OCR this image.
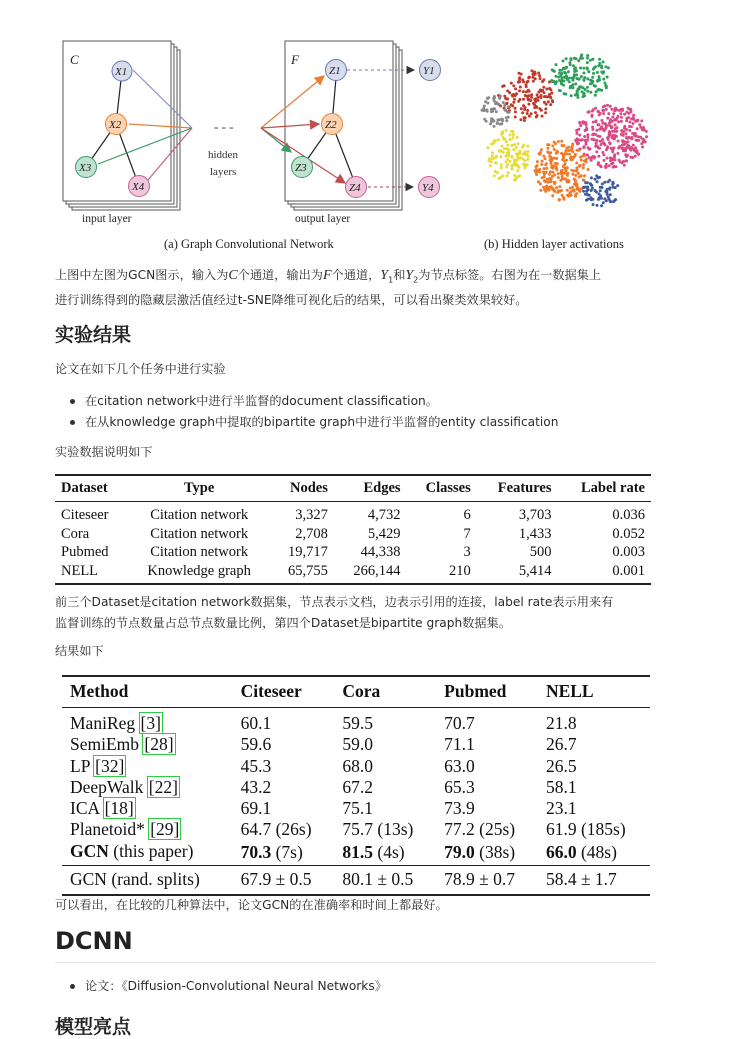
C	F
- - -
hidden
layers
X1
X2
X3
X4
Z1
Z2
Z3
Z4
Y1
Y4
input layer	output layer
(a) Graph Convolutional Network	(b) Hidden layer activations
上图中左图为GCN图示，输入为C个通道，输出为F个通道，$Y_1$和$Y_2$为节点标签。右图为在一数据集上
进行训练得到的隐藏层激活值经过t-SNE降维可视化后的结果，可以看出聚类效果较好。
实验结果
论文在如下几个任务中进行实验
在citation network中进行半监督的document classification。
在从knowledge graph中提取的bipartite graph中进行半监督的entity classification
实验数据说明如下
Dataset	Type	Nodes	Edges	Classes	Features	Label rate
Citeseer	Citation network	3,327	4,732	6	3,703	0.036
Cora	Citation network	2,708	5,429	7	1,433	0.052
Pubmed	Citation network	19,717	44,338	3	500	0.003
NELL	Knowledge graph	65,755	266,144	210	5,414	0.001
前三个Dataset是citation network数据集，节点表示文档，边表示引用的连接，label rate表示用来有
监督训练的节点数量占总节点数量比例，第四个Dataset是bipartite graph数据集。
结果如下
Method	Citeseer	Cora	Pubmed	NELL
ManiReg [3]	60.1	59.5	70.7	21.8
SemiEmb [28]	59.6	59.0	71.1	26.7
LP [32]	45.3	68.0	63.0	26.5
DeepWalk [22]	43.2	67.2	65.3	58.1
ICA [18]	69.1	75.1	73.9	23.1
Planetoid* [29]	64.7 (26s)	75.7 (13s)	77.2 (25s)	61.9 (185s)
GCN (this paper)	70.3 (7s)	81.5 (4s)	79.0 (38s)	66.0 (48s)
GCN (rand. splits)	67.9 ± 0.5	80.1 ± 0.5	78.9 ± 0.7	58.4 ± 1.7
可以看出，在比较的几种算法中，论文GCN的在准确率和时间上都最好。
DCNN
论文：《Diffusion-Convolutional Neural Networks》
模型亮点
